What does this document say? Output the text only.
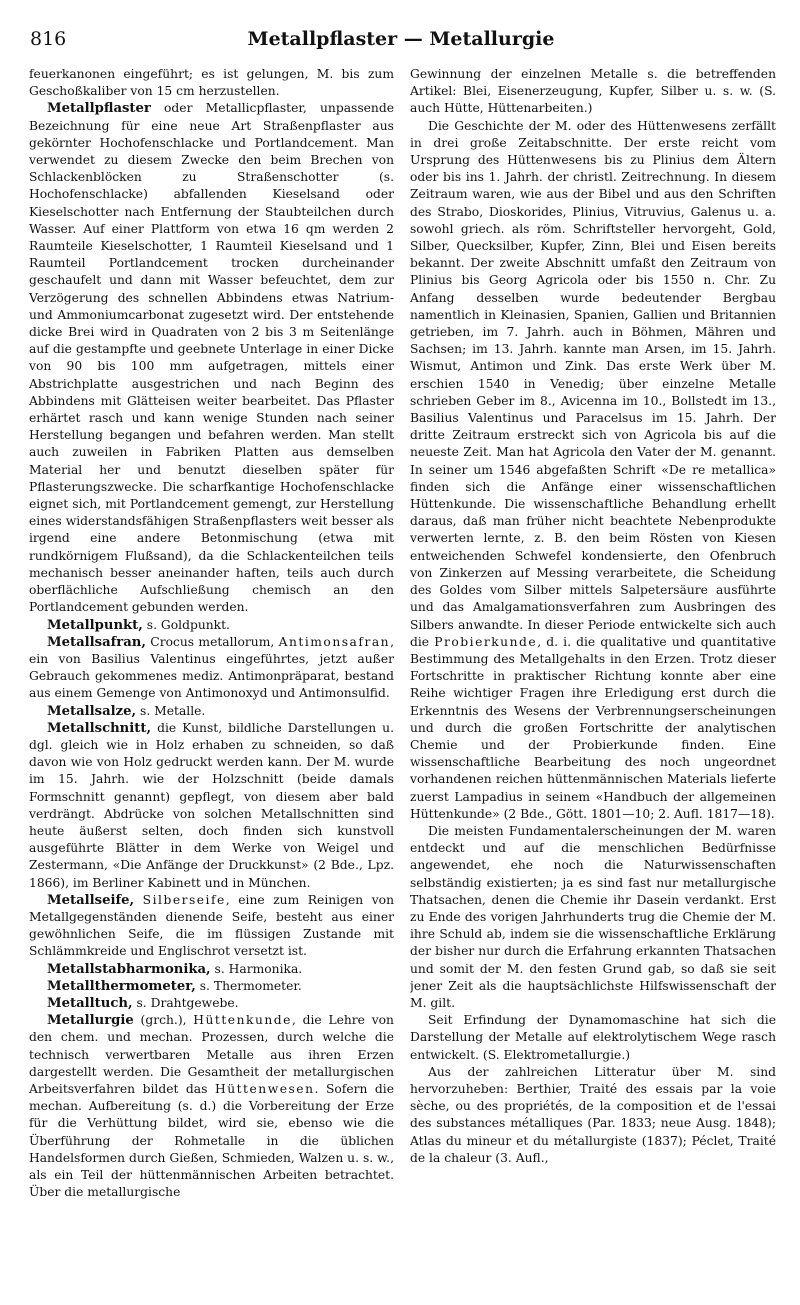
816	Metallpflaster — Metallurgie

feuerkanonen eingeführt; es ist gelungen, M. bis zum Geschoßkaliber von 15 cm herzustellen.

Metallpflaster oder Metallicpflaster, unpassende Bezeichnung für eine neue Art Straßenpflaster aus gekörnter Hochofenschlacke und Portlandcement. Man verwendet zu diesem Zwecke den beim Brechen von Schlackenblöcken zu Straßenschotter (s. Hochofenschlacke) abfallenden Kieselsand oder Kieselschotter nach Entfernung der Staubteilchen durch Wasser. Auf einer Plattform von etwa 16 qm werden 2 Raumteile Kieselschotter, 1 Raumteil Kieselsand und 1 Raumteil Portlandcement trocken durcheinander geschaufelt und dann mit Wasser befeuchtet, dem zur Verzögerung des schnellen Abbindens etwas Natrium- und Ammoniumcarbonat zugesetzt wird. Der entstehende dicke Brei wird in Quadraten von 2 bis 3 m Seitenlänge auf die gestampfte und geebnete Unterlage in einer Dicke von 90 bis 100 mm aufgetragen, mittels einer Abstrichplatte ausgestrichen und nach Beginn des Abbindens mit Glätteisen weiter bearbeitet. Das Pflaster erhärtet rasch und kann wenige Stunden nach seiner Herstellung begangen und befahren werden. Man stellt auch zuweilen in Fabriken Platten aus demselben Material her und benutzt dieselben später für Pflasterungszwecke. Die scharfkantige Hochofenschlacke eignet sich, mit Portlandcement gemengt, zur Herstellung eines widerstandsfähigen Straßenpflasters weit besser als irgend eine andere Betonmischung (etwa mit rundkörnigem Flußsand), da die Schlackenteilchen teils mechanisch besser aneinander haften, teils auch durch oberflächliche Aufschließung chemisch an den Portlandcement gebunden werden.

Metallpunkt, s. Goldpunkt.

Metallsafran, Crocus metallorum, Antimonsafran, ein von Basilius Valentinus eingeführtes, jetzt außer Gebrauch gekommenes mediz. Antimonpräparat, bestand aus einem Gemenge von Antimonoxyd und Antimonsulfid.

Metallsalze, s. Metalle.

Metallschnitt, die Kunst, bildliche Darstellungen u. dgl. gleich wie in Holz erhaben zu schneiden, so daß davon wie von Holz gedruckt werden kann. Der M. wurde im 15. Jahrh. wie der Holzschnitt (beide damals Formschnitt genannt) gepflegt, von diesem aber bald verdrängt. Abdrücke von solchen Metallschnitten sind heute äußerst selten, doch finden sich kunstvoll ausgeführte Blätter in dem Werke von Weigel und Zestermann, «Die Anfänge der Druckkunst» (2 Bde., Lpz. 1866), im Berliner Kabinett und in München.

Metallseife, Silberseife, eine zum Reinigen von Metallgegenständen dienende Seife, besteht aus einer gewöhnlichen Seife, die im flüssigen Zustande mit Schlämmkreide und Englischrot versetzt ist.

Metallstabharmonika, s. Harmonika.

Metallthermometer, s. Thermometer.

Metalltuch, s. Drahtgewebe.

Metallurgie (grch.), Hüttenkunde, die Lehre von den chem. und mechan. Prozessen, durch welche die technisch verwertbaren Metalle aus ihren Erzen dargestellt werden. Die Gesamtheit der metallurgischen Arbeitsverfahren bildet das Hüttenwesen. Sofern die mechan. Aufbereitung (s. d.) die Vorbereitung der Erze für die Verhüttung bildet, wird sie, ebenso wie die Überführung der Rohmetalle in die üblichen Handelsformen durch Gießen, Schmieden, Walzen u. s. w., als ein Teil der hüttenmännischen Arbeiten betrachtet. Über die metallurgische

Gewinnung der einzelnen Metalle s. die betreffenden Artikel: Blei, Eisenerzeugung, Kupfer, Silber u. s. w. (S. auch Hütte, Hüttenarbeiten.)

Die Geschichte der M. oder des Hüttenwesens zerfällt in drei große Zeitabschnitte. Der erste reicht vom Ursprung des Hüttenwesens bis zu Plinius dem Ältern oder bis ins 1. Jahrh. der christl. Zeitrechnung. In diesem Zeitraum waren, wie aus der Bibel und aus den Schriften des Strabo, Dioskorides, Plinius, Vitruvius, Galenus u. a. sowohl griech. als röm. Schriftsteller hervorgeht, Gold, Silber, Quecksilber, Kupfer, Zinn, Blei und Eisen bereits bekannt. Der zweite Abschnitt umfaßt den Zeitraum von Plinius bis Georg Agricola oder bis 1550 n. Chr. Zu Anfang desselben wurde bedeutender Bergbau namentlich in Kleinasien, Spanien, Gallien und Britannien getrieben, im 7. Jahrh. auch in Böhmen, Mähren und Sachsen; im 13. Jahrh. kannte man Arsen, im 15. Jahrh. Wismut, Antimon und Zink. Das erste Werk über M. erschien 1540 in Venedig; über einzelne Metalle schrieben Geber im 8., Avicenna im 10., Bollstedt im 13., Basilius Valentinus und Paracelsus im 15. Jahrh. Der dritte Zeitraum erstreckt sich von Agricola bis auf die neueste Zeit. Man hat Agricola den Vater der M. genannt. In seiner um 1546 abgefaßten Schrift «De re metallica» finden sich die Anfänge einer wissenschaftlichen Hüttenkunde. Die wissenschaftliche Behandlung erhellt daraus, daß man früher nicht beachtete Nebenprodukte verwerten lernte, z. B. den beim Rösten von Kiesen entweichenden Schwefel kondensierte, den Ofenbruch von Zinkerzen auf Messing verarbeitete, die Scheidung des Goldes vom Silber mittels Salpetersäure ausführte und das Amalgamationsverfahren zum Ausbringen des Silbers anwandte. In dieser Periode entwickelte sich auch die Probierkunde, d. i. die qualitative und quantitative Bestimmung des Metallgehalts in den Erzen. Trotz dieser Fortschritte in praktischer Richtung konnte aber eine Reihe wichtiger Fragen ihre Erledigung erst durch die Erkenntnis des Wesens der Verbrennungserscheinungen und durch die großen Fortschritte der analytischen Chemie und der Probierkunde finden. Eine wissenschaftliche Bearbeitung des noch ungeordnet vorhandenen reichen hüttenmännischen Materials lieferte zuerst Lampadius in seinem «Handbuch der allgemeinen Hüttenkunde» (2 Bde., Gött. 1801—10; 2. Aufl. 1817—18).

Die meisten Fundamentalerscheinungen der M. waren entdeckt und auf die menschlichen Bedürfnisse angewendet, ehe noch die Naturwissenschaften selbständig existierten; ja es sind fast nur metallurgische Thatsachen, denen die Chemie ihr Dasein verdankt. Erst zu Ende des vorigen Jahrhunderts trug die Chemie der M. ihre Schuld ab, indem sie die wissenschaftliche Erklärung der bisher nur durch die Erfahrung erkannten Thatsachen und somit der M. den festen Grund gab, so daß sie seit jener Zeit als die hauptsächlichste Hilfswissenschaft der M. gilt.

Seit Erfindung der Dynamomaschine hat sich die Darstellung der Metalle auf elektrolytischem Wege rasch entwickelt. (S. Elektrometallurgie.)

Aus der zahlreichen Litteratur über M. sind hervorzuheben: Berthier, Traité des essais par la voie sèche, ou des propriétés, de la composition et de l'essai des substances métalliques (Par. 1833; neue Ausg. 1848); Atlas du mineur et du métallurgiste (1837); Péclet, Traité de la chaleur (3. Aufl.,
